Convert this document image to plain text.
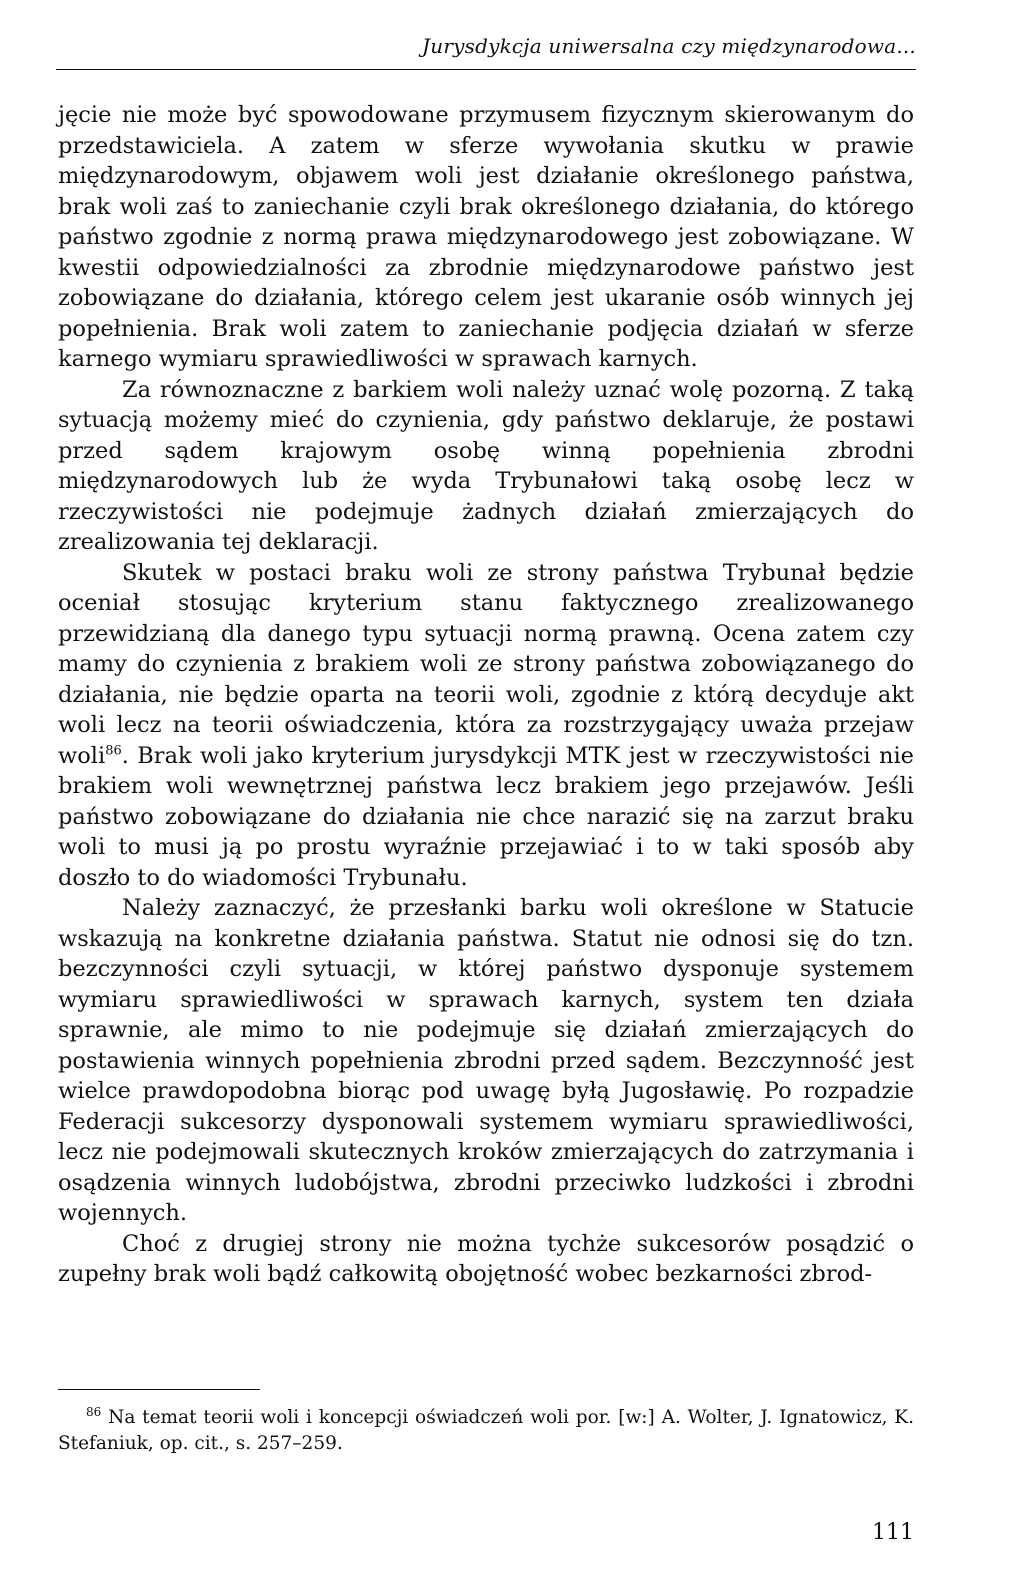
Jurysdykcja uniwersalna czy międzynarodowa...

jęcie nie może być spowodowane przymusem fizycznym skierowanym do przedstawiciela. A zatem w sferze wywołania skutku w prawie międzynarodowym, objawem woli jest działanie określonego państwa, brak woli zaś to zaniechanie czyli brak określonego działania, do którego państwo zgodnie z normą prawa międzynarodowego jest zobowiązane. W kwestii odpowiedzialności za zbrodnie międzynarodowe państwo jest zobowiązane do działania, którego celem jest ukaranie osób winnych jej popełnienia. Brak woli zatem to zaniechanie podjęcia działań w sferze karnego wymiaru sprawiedliwości w sprawach karnych.

Za równoznaczne z barkiem woli należy uznać wolę pozorną. Z taką sytuacją możemy mieć do czynienia, gdy państwo deklaruje, że postawi przed sądem krajowym osobę winną popełnienia zbrodni międzynarodowych lub że wyda Trybunałowi taką osobę lecz w rzeczywistości nie podejmuje żadnych działań zmierzających do zrealizowania tej deklaracji.

Skutek w postaci braku woli ze strony państwa Trybunał będzie oceniał stosując kryterium stanu faktycznego zrealizowanego przewidzianą dla danego typu sytuacji normą prawną. Ocena zatem czy mamy do czynienia z brakiem woli ze strony państwa zobowiązanego do działania, nie będzie oparta na teorii woli, zgodnie z którą decyduje akt woli lecz na teorii oświadczenia, która za rozstrzygający uważa przejaw woli$^{86}$. Brak woli jako kryterium jurysdykcji MTK jest w rzeczywistości nie brakiem woli wewnętrznej państwa lecz brakiem jego przejawów. Jeśli państwo zobowiązane do działania nie chce narazić się na zarzut braku woli to musi ją po prostu wyraźnie przejawiać i to w taki sposób aby doszło to do wiadomości Trybunału.

Należy zaznaczyć, że przesłanki barku woli określone w Statucie wskazują na konkretne działania państwa. Statut nie odnosi się do tzn. bezczynności czyli sytuacji, w której państwo dysponuje systemem wymiaru sprawiedliwości w sprawach karnych, system ten działa sprawnie, ale mimo to nie podejmuje się działań zmierzających do postawienia winnych popełnienia zbrodni przed sądem. Bezczynność jest wielce prawdopodobna biorąc pod uwagę byłą Jugosławię. Po rozpadzie Federacji sukcesorzy dysponowali systemem wymiaru sprawiedliwości, lecz nie podejmowali skutecznych kroków zmierzających do zatrzymania i osądzenia winnych ludobójstwa, zbrodni przeciwko ludzkości i zbrodni wojennych.

Choć z drugiej strony nie można tychże sukcesorów posądzić o zupełny brak woli bądź całkowitą obojętność wobec bezkarności zbrod-

$^{86}$ Na temat teorii woli i koncepcji oświadczeń woli por. [w:] A. Wolter, J. Ignatowicz, K. Stefaniuk, op. cit., s. 257–259.
111
